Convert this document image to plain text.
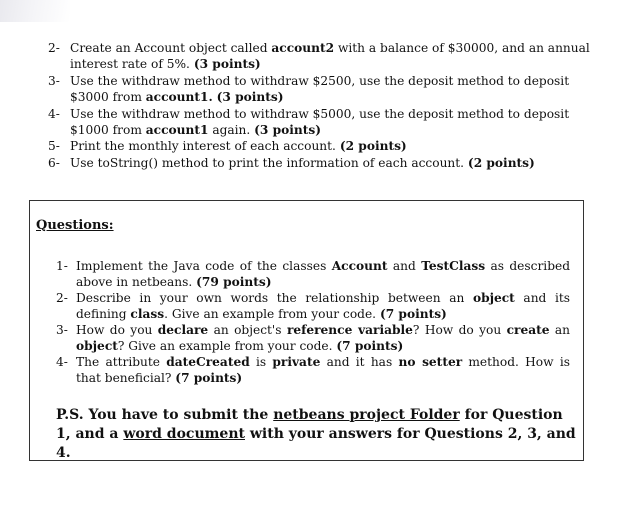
2- Create an Account object called account2 with a balance of $30000, and an annual interest rate of 5%. (3 points)
3- Use the withdraw method to withdraw $2500, use the deposit method to deposit $3000 from account1. (3 points)
4- Use the withdraw method to withdraw $5000, use the deposit method to deposit $1000 from account1 again. (3 points)
5- Print the monthly interest of each account. (2 points)
6- Use toString() method to print the information of each account. (2 points)
Questions:
1- Implement the Java code of the classes Account and TestClass as described above in netbeans. (79 points)
2- Describe in your own words the relationship between an object and its defining class. Give an example from your code. (7 points)
3- How do you declare an object's reference variable? How do you create an object? Give an example from your code. (7 points)
4- The attribute dateCreated is private and it has no setter method. How is that beneficial? (7 points)
P.S. You have to submit the netbeans project Folder for Question 1, and a word document with your answers for Questions 2, 3, and 4.
